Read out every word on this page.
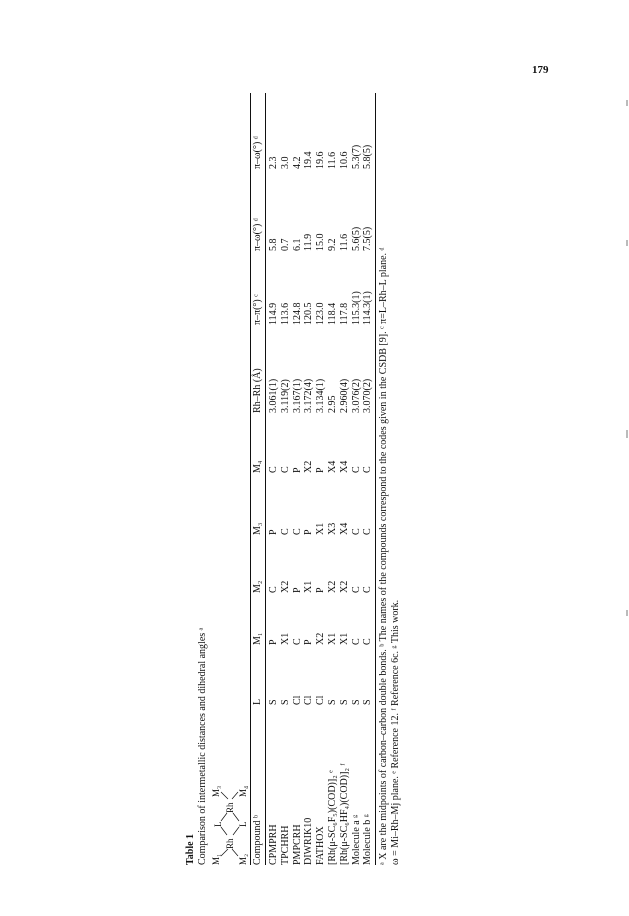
179
Table 1 Comparison of intermetallic distances and dihedral angles ᵃ M₁ M₂
Rh
L L
Rh
M₃ M₄
Compound ᵇ
L
M₁
M₂
M₃
M₄
Rh–Rh (Å)
π–π(°) ᶜ
π–ω(°) ᵈ
π–ω(°) ᵈ
CPMPRH
S
P
C
P
C
3.061(1)
114.9
5.8
2.3
TPCHRH
S
X1
X2
C
C
3.119(2)
113.6
0.7
3.0
PMPCRH
Cl
C
P
C
P
3.167(1)
124.8
6.1
4.2
DIWRIK10
Cl
P
X1
P
X2
3.172(4)
120.5
11.9
19.4
FATHOX
Cl
X2
P
X1
P
3.134(1)
123.0
15.0
19.6
[Rh(μ-SC₆F₅)(COD)]₂ ᵉ
S
X1
X2
X3
X4
2.95
118.4
9.2
11.6
[Rh(μ-SC₆HF₄)(COD)]₂ ᶠ
S
X1
X2
X4
X4
2.960(4)
117.8
11.6
10.6
Molecule a ᵍ
S
C
C
C
C
3.076(2)
115.3(1)
5.6(5)
5.3(7)
Molecule b ᵍ
S
C
C
C
C
3.070(2)
114.3(1)
7.5(5)
5.8(5)
ᵃ X are the midpoints of carbon–carbon double bonds. ᵇ The names of the compounds correspond to the codes given in the CSDB [9]. ᶜ π=L–Rh–L plane. ᵈ ω = Mi–Rh–Mj plane. ᵉ Reference 12. ᶠ Reference 6c. ᵍ This work.
